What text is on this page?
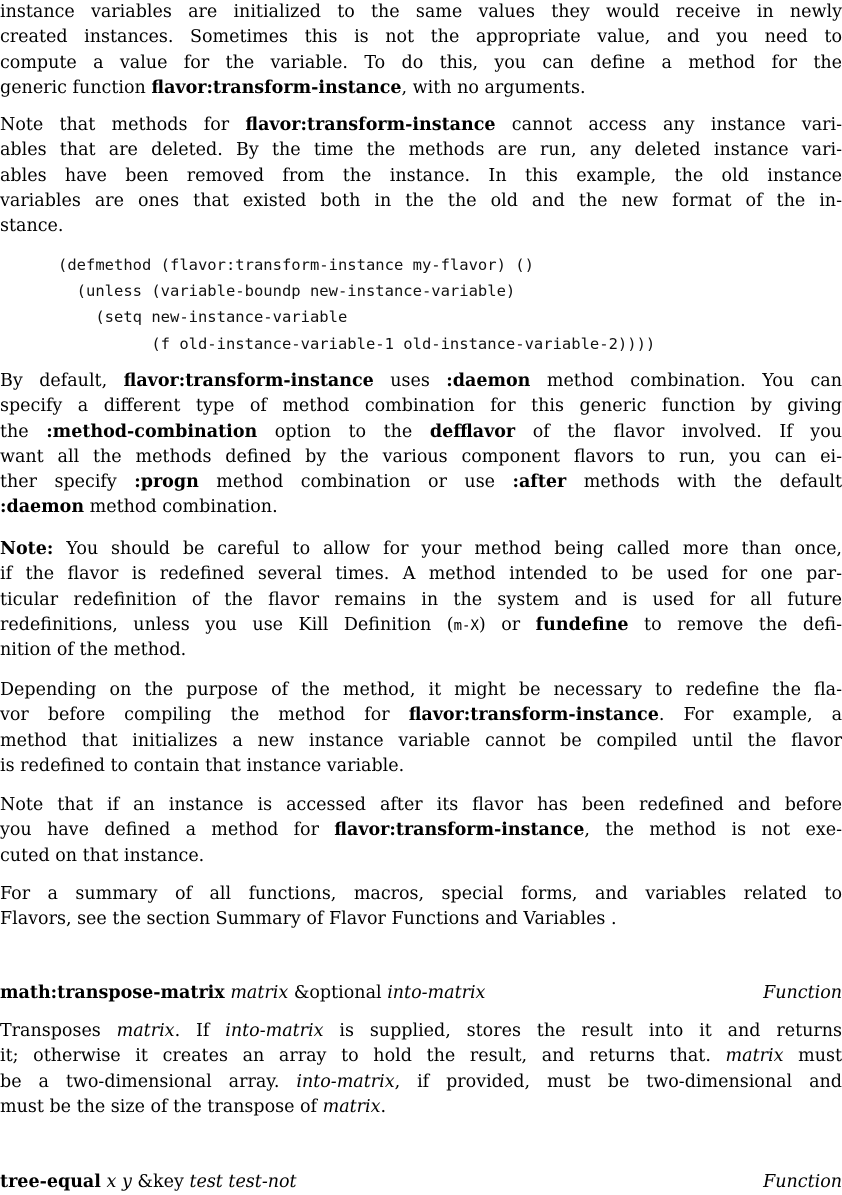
instance variables are initialized to the same values they would receive in newly
created instances. Sometimes this is not the appropriate value, and you need to
compute a value for the variable. To do this, you can define a method for the
generic function flavor:transform-instance, with no arguments.
Note that methods for flavor:transform-instance cannot access any instance vari-
ables that are deleted. By the time the methods are run, any deleted instance vari-
ables have been removed from the instance. In this example, the old instance
variables are ones that existed both in the the old and the new format of the in-
stance.
(defmethod (flavor:transform-instance my-flavor) ()
(unless (variable-boundp new-instance-variable)
(setq new-instance-variable
(f old-instance-variable-1 old-instance-variable-2))))
By default, flavor:transform-instance uses :daemon method combination. You can
specify a different type of method combination for this generic function by giving
the :method-combination option to the defflavor of the flavor involved. If you
want all the methods defined by the various component flavors to run, you can ei-
ther specify :progn method combination or use :after methods with the default
:daemon method combination.
Note: You should be careful to allow for your method being called more than once,
if the flavor is redefined several times. A method intended to be used for one par-
ticular redefinition of the flavor remains in the system and is used for all future
redefinitions, unless you use Kill Definition (m-X) or fundefine to remove the defi-
nition of the method.
Depending on the purpose of the method, it might be necessary to redefine the fla-
vor before compiling the method for flavor:transform-instance. For example, a
method that initializes a new instance variable cannot be compiled until the flavor
is redefined to contain that instance variable.
Note that if an instance is accessed after its flavor has been redefined and before
you have defined a method for flavor:transform-instance, the method is not exe-
cuted on that instance.
For a summary of all functions, macros, special forms, and variables related to
Flavors, see the section Summary of Flavor Functions and Variables .
math:transpose-matrix matrix &optional into-matrix	Function
Transposes matrix. If into-matrix is supplied, stores the result into it and returns
it; otherwise it creates an array to hold the result, and returns that. matrix must
be a two-dimensional array. into-matrix, if provided, must be two-dimensional and
must be the size of the transpose of matrix.
tree-equal x y &key test test-not	Function
